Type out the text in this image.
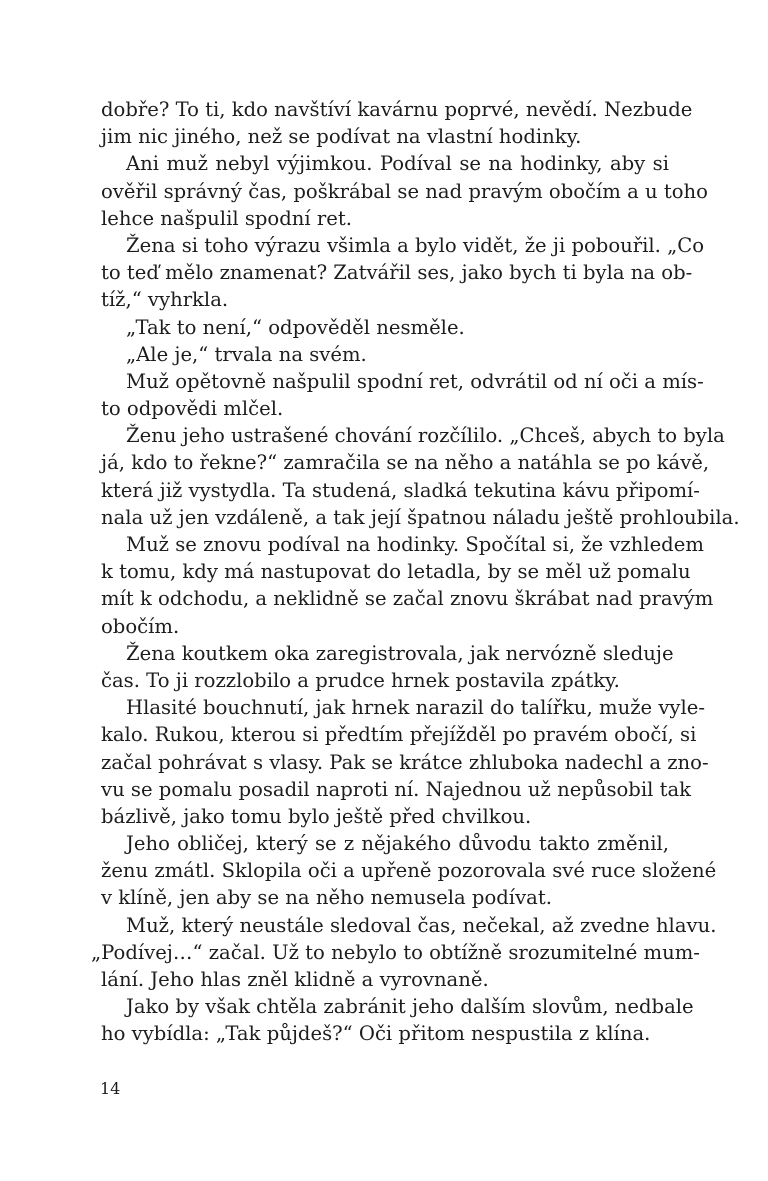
dobře? To ti, kdo navštíví kavárnu poprvé, nevědí. Nezbude
jim nic jiného, než se podívat na vlastní hodinky.
Ani muž nebyl výjimkou. Podíval se na hodinky, aby si
ověřil správný čas, poškrábal se nad pravým obočím a u toho
lehce našpulil spodní ret.
Žena si toho výrazu všimla a bylo vidět, že ji pobouřil. „Co
to teď mělo znamenat? Zatvářil ses, jako bych ti byla na ob-
tíž,“ vyhrkla.
„Tak to není,“ odpověděl nesměle.
„Ale je,“ trvala na svém.
Muž opětovně našpulil spodní ret, odvrátil od ní oči a mís-
to odpovědi mlčel.
Ženu jeho ustrašené chování rozčílilo. „Chceš, abych to byla
já, kdo to řekne?“ zamračila se na něho a natáhla se po kávě,
která již vystydla. Ta studená, sladká tekutina kávu připomí-
nala už jen vzdáleně, a tak její špatnou náladu ještě prohloubila.
Muž se znovu podíval na hodinky. Spočítal si, že vzhledem
k tomu, kdy má nastupovat do letadla, by se měl už pomalu
mít k odchodu, a neklidně se začal znovu škrábat nad pravým
obočím.
Žena koutkem oka zaregistrovala, jak nervózně sleduje
čas. To ji rozzlobilo a prudce hrnek postavila zpátky.
Hlasité bouchnutí, jak hrnek narazil do talířku, muže vyle-
kalo. Rukou, kterou si předtím přejížděl po pravém obočí, si
začal pohrávat s vlasy. Pak se krátce zhluboka nadechl a zno-
vu se pomalu posadil naproti ní. Najednou už nepůsobil tak
bázlivě, jako tomu bylo ještě před chvilkou.
Jeho obličej, který se z nějakého důvodu takto změnil,
ženu zmátl. Sklopila oči a upřeně pozorovala své ruce složené
v klíně, jen aby se na něho nemusela podívat.
Muž, který neustále sledoval čas, nečekal, až zvedne hlavu.
„Podívej…“ začal. Už to nebylo to obtížně srozumitelné mum-
lání. Jeho hlas zněl klidně a vyrovnaně.
Jako by však chtěla zabránit jeho dalším slovům, nedbale
ho vybídla: „Tak půjdeš?“ Oči přitom nespustila z klína.
14
